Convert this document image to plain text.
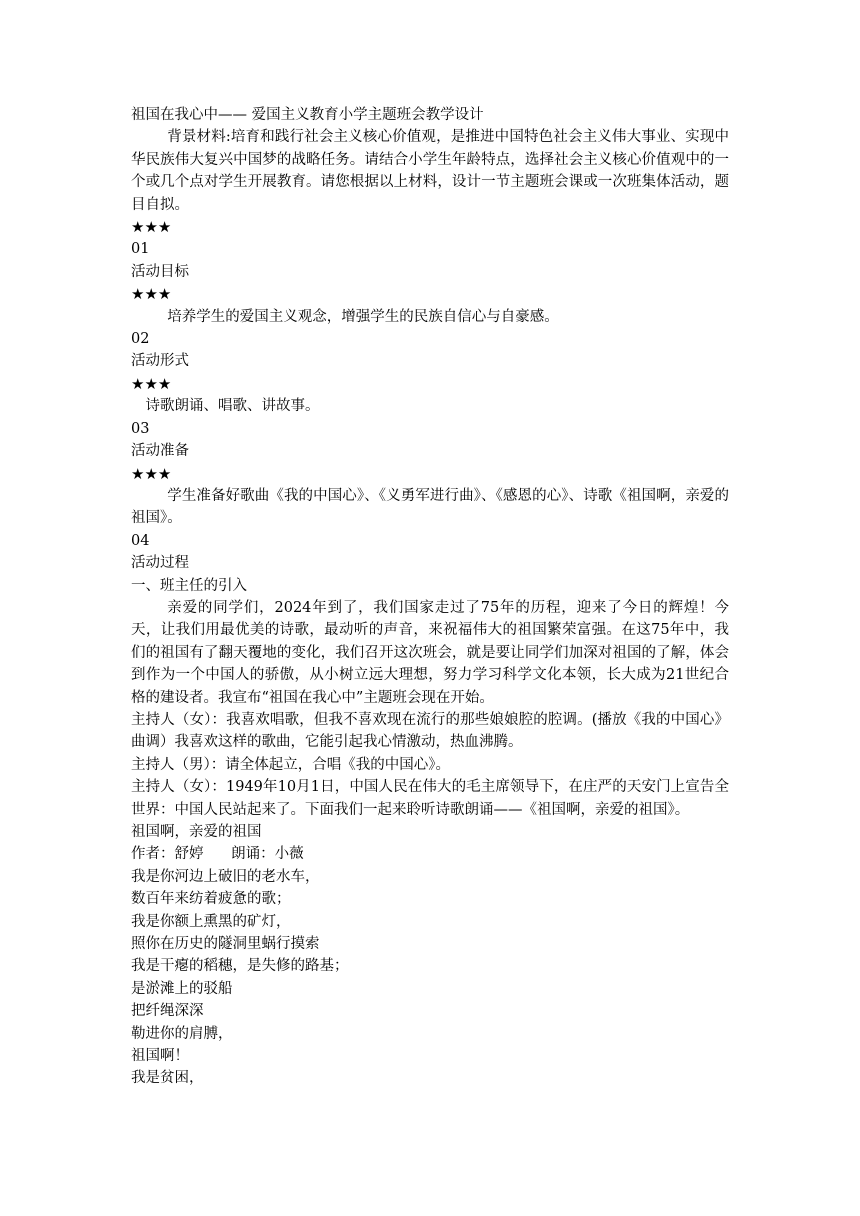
祖国在我心中—— 爱国主义教育小学主题班会教学设计
背景材料:培育和践行社会主义核心价值观，是推进中国特色社会主义伟大事业、实现中华民族伟大复兴中国梦的战略任务。请结合小学生年龄特点，选择社会主义核心价值观中的一个或几个点对学生开展教育。请您根据以上材料，设计一节主题班会课或一次班集体活动，题目自拟。
★★★
01
活动目标
★★★
培养学生的爱国主义观念，增强学生的民族自信心与自豪感。
02
活动形式
★★★
诗歌朗诵、唱歌、讲故事。
03
活动准备
★★★
学生准备好歌曲《我的中国心》、《义勇军进行曲》、《感恩的心》、诗歌《祖国啊，亲爱的祖国》。
04
活动过程
一、班主任的引入
亲爱的同学们，2024年到了，我们国家走过了75年的历程，迎来了今日的辉煌！今天，让我们用最优美的诗歌，最动听的声音，来祝福伟大的祖国繁荣富强。在这75年中，我们的祖国有了翻天覆地的变化，我们召开这次班会，就是要让同学们加深对祖国的了解，体会到作为一个中国人的骄傲，从小树立远大理想，努力学习科学文化本领，长大成为21世纪合格的建设者。我宣布“祖国在我心中”主题班会现在开始。
主持人（女）：我喜欢唱歌，但我不喜欢现在流行的那些娘娘腔的腔调。(播放《我的中国心》曲调）我喜欢这样的歌曲，它能引起我心情激动，热血沸腾。
主持人（男）：请全体起立，合唱《我的中国心》。
主持人（女）：1949年10月1日，中国人民在伟大的毛主席领导下，在庄严的天安门上宣告全世界：中国人民站起来了。下面我们一起来聆听诗歌朗诵——《祖国啊，亲爱的祖国》。
祖国啊，亲爱的祖国
作者：舒婷      朗诵：小薇
我是你河边上破旧的老水车，
数百年来纺着疲惫的歌；
我是你额上熏黑的矿灯，
照你在历史的隧洞里蜗行摸索
我是干瘪的稻穗，是失修的路基；
是淤滩上的驳船
把纤绳深深
勒进你的肩膊，
祖国啊！
我是贫困，
